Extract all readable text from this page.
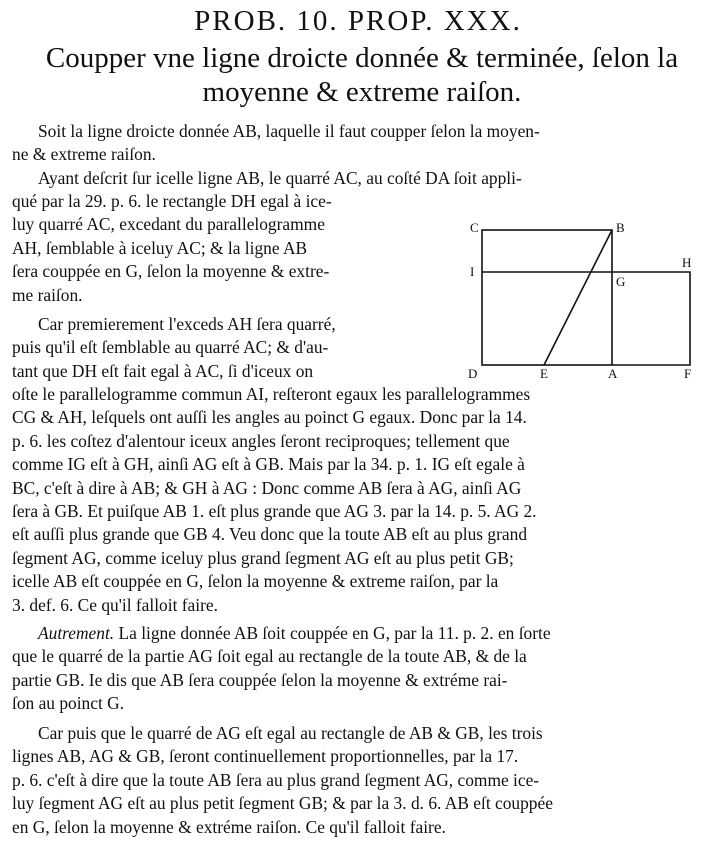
PROB. 10. PROP. XXX.
Coupper vne ligne droicte donnée & terminée, ſelon la
moyenne & extreme raiſon.
Soit la ligne droicte donnée AB, laquelle il faut coupper ſelon la moyen-
ne & extreme raiſon.
Ayant deſcrit ſur icelle ligne AB, le quarré AC, au coſté DA ſoit appli-
qué par la 29. p. 6. le rectangle DH egal à ice-
luy quarré AC, excedant du parallelogramme
AH, ſemblable à iceluy AC; & la ligne AB
ſera couppée en G, ſelon la moyenne & extre-
me raiſon.
Car premierement l'exceds AH ſera quarré,
puis qu'il eſt ſemblable au quarré AC; & d'au-
tant que DH eſt fait egal à AC, ſi d'iceux on
oſte le parallelogramme commun AI, reſteront egaux les parallelogrammes
CG & AH, leſquels ont auſſi les angles au poinct G egaux. Donc par la 14.
p. 6. les coſtez d'alentour iceux angles ſeront reciproques; tellement que
comme IG eſt à GH, ainſi AG eſt à GB. Mais par la 34. p. 1. IG eſt egale à
BC, c'eſt à dire à AB; & GH à AG : Donc comme AB ſera à AG, ainſi AG
ſera à GB. Et puiſque AB 1. eſt plus grande que AG 3. par la 14. p. 5. AG 2.
eſt auſſi plus grande que GB 4. Veu donc que la toute AB eſt au plus grand
ſegment AG, comme iceluy plus grand ſegment AG eſt au plus petit GB;
icelle AB eſt couppée en G, ſelon la moyenne & extreme raiſon, par la
3. def. 6. Ce qu'il falloit faire.
Autrement. La ligne donnée AB ſoit couppée en G, par la 11. p. 2. en ſorte
que le quarré de la partie AG ſoit egal au rectangle de la toute AB, & de la
partie GB. Ie dis que AB ſera couppée ſelon la moyenne & extréme rai-
ſon au poinct G.
Car puis que le quarré de AG eſt egal au rectangle de AB & GB, les trois
lignes AB, AG & GB, ſeront continuellement proportionnelles, par la 17.
p. 6. c'eſt à dire que la toute AB ſera au plus grand ſegment AG, comme ice-
luy ſegment AG eſt au plus petit ſegment GB; & par la 3. d. 6. AB eſt couppée
en G, ſelon la moyenne & extréme raiſon. Ce qu'il falloit faire.
C	B
I
G
H
D	E	A	F
